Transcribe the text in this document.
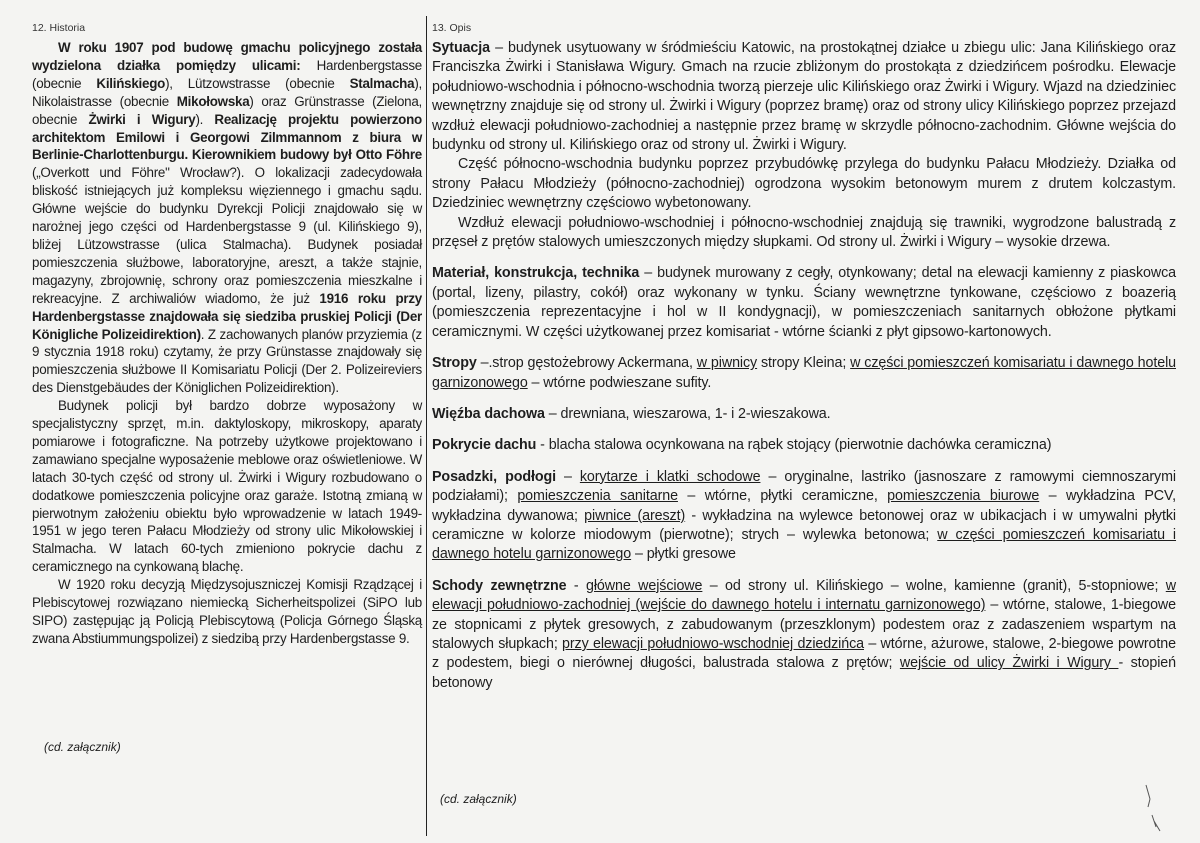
12. Historia

W roku 1907 pod budowę gmachu policyjnego została wydzielona działka pomiędzy ulicami: Hardenbergstasse (obecnie Kilińskiego), Lützowstrasse (obecnie Stalmacha), Nikolaistrasse (obecnie Mikołowska) oraz Grünstrasse (Zielona, obecnie Żwirki i Wigury). Realizację projektu powierzono architektom Emilowi i Georgowi Zilmmannom z biura w Berlinie-Charlottenburgu. Kierownikiem budowy był Otto Föhre („Overkott und Föhre" Wrocław?). O lokalizacji zadecydowała bliskość istniejących już kompleksu więziennego i gmachu sądu. Główne wejście do budynku Dyrekcji Policji znajdowało się w narożnej jego części od Hardenbergstasse 9 (ul. Kilińskiego 9), bliżej Lützowstrasse (ulica Stalmacha). Budynek posiadał pomieszczenia służbowe, laboratoryjne, areszt, a także stajnie, magazyny, zbrojownię, schrony oraz pomieszczenia mieszkalne i rekreacyjne. Z archiwaliów wiadomo, że już 1916 roku przy Hardenbergstasse znajdowała się siedziba pruskiej Policji (Der Königliche Polizeidirektion). Z zachowanych planów przyziemia (z 9 stycznia 1918 roku) czytamy, że przy Grünstasse znajdowały się pomieszczenia służbowe II Komisariatu Policji (Der 2. Polizeireviers des Dienstgebäudes der Königlichen Polizeidirektion).

Budynek policji był bardzo dobrze wyposażony w specjalistyczny sprzęt, m.in. daktyloskopy, mikroskopy, aparaty pomiarowe i fotograficzne. Na potrzeby użytkowe projektowano i zamawiano specjalne wyposażenie meblowe oraz oświetleniowe. W latach 30-tych część od strony ul. Żwirki i Wigury rozbudowano o dodatkowe pomieszczenia policyjne oraz garaże. Istotną zmianą w pierwotnym założeniu obiektu było wprowadzenie w latach 1949-1951 w jego teren Pałacu Młodzieży od strony ulic Mikołowskiej i Stalmacha. W latach 60-tych zmieniono pokrycie dachu z ceramicznego na cynkowaną blachę.

W 1920 roku decyzją Międzysojuszniczej Komisji Rządzącej i Plebiscytowej rozwiązano niemiecką Sicherheitspolizei (SiPO lub SIPO) zastępując ją Policją Plebiscytową (Policja Górnego Śląską zwana Abstiummungspolizei) z siedzibą przy Hardenbergstasse 9.

(cd. załącznik)
13. Opis

Sytuacja – budynek usytuowany w śródmieściu Katowic, na prostokątnej działce u zbiegu ulic: Jana Kilińskiego oraz Franciszka Żwirki i Stanisława Wigury. Gmach na rzucie zbliżonym do prostokąta z dziedzińcem pośrodku. Elewacje południowo-wschodnia i północno-wschodnia tworzą pierzeje ulic Kilińskiego oraz Żwirki i Wigury. Wjazd na dziedziniec wewnętrzny znajduje się od strony ul. Żwirki i Wigury (poprzez bramę) oraz od strony ulicy Kilińskiego poprzez przejazd wzdłuż elewacji południowo-zachodniej a następnie przez bramę w skrzydle północno-zachodnim. Główne wejścia do budynku od strony ul. Kilińskiego oraz od strony ul. Żwirki i Wigury.

Część północno-wschodnia budynku poprzez przybudówkę przylega do budynku Pałacu Młodzieży. Działka od strony Pałacu Młodzieży (północno-zachodniej) ogrodzona wysokim betonowym murem z drutem kolczastym. Dziedziniec wewnętrzny częściowo wybetonowany.

Wzdłuż elewacji południowo-wschodniej i północno-wschodniej znajdują się trawniki, wygrodzone balustradą z przęseł z prętów stalowych umieszczonych między słupkami. Od strony ul. Żwirki i Wigury – wysokie drzewa.

Materiał, konstrukcja, technika – budynek murowany z cegły, otynkowany; detal na elewacji kamienny z piaskowca (portal, lizeny, pilastry, cokół) oraz wykonany w tynku. Ściany wewnętrzne tynkowane, częściowo z boazerią (pomieszczenia reprezentacyjne i hol w II kondygnacji), w pomieszczeniach sanitarnych obłożone płytkami ceramicznymi. W części użytkowanej przez komisariat - wtórne ścianki z płyt gipsowo-kartonowych.

Stropy –.strop gęstożebrowy Ackermana, w piwnicy stropy Kleina; w części pomieszczeń komisariatu i dawnego hotelu garnizonowego – wtórne podwieszane sufity.

Więźba dachowa – drewniana, wieszarowa, 1- i 2-wieszakowa.

Pokrycie dachu - blacha stalowa ocynkowana na rąbek stojący (pierwotnie dachówka ceramiczna)

Posadzki, podłogi – korytarze i klatki schodowe – oryginalne, lastriko (jasnoszare z ramowymi ciemnoszarymi podziałami); pomieszczenia sanitarne – wtórne, płytki ceramiczne, pomieszczenia biurowe – wykładzina PCV, wykładzina dywanowa; piwnice (areszt) - wykładzina na wylewce betonowej oraz w ubikacjach i w umywalni płytki ceramiczne w kolorze miodowym (pierwotne); strych – wylewka betonowa; w części pomieszczeń komisariatu i dawnego hotelu garnizonowego – płytki gresowe

Schody zewnętrzne - główne wejściowe – od strony ul. Kilińskiego – wolne, kamienne (granit), 5-stopniowe; w elewacji południowo-zachodniej (wejście do dawnego hotelu i internatu garnizonowego) – wtórne, stalowe, 1-biegowe ze stopnicami z płytek gresowych, z zabudowanym (przeszklonym) podestem oraz z zadaszeniem wspartym na stalowych słupkach; przy elewacji południowo-wschodniej dziedzińca – wtórne, ażurowe, stalowe, 2-biegowe powrotne z podestem, biegi o nierównej długości, balustrada stalowa z prętów; wejście od ulicy Żwirki i Wigury - stopień betonowy

(cd. załącznik)
